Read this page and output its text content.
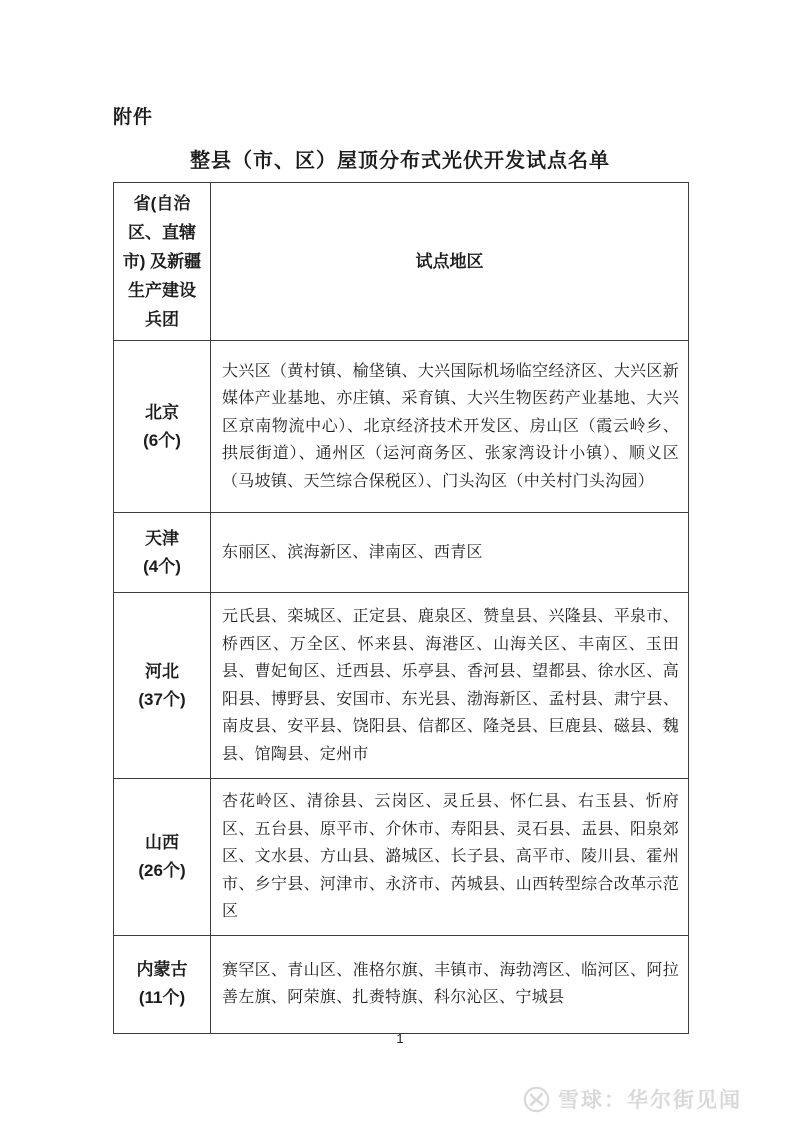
附件
整县（市、区）屋顶分布式光伏开发试点名单
省(自治区、直辖市) 及新疆生产建设兵团	试点地区

北京
(6个)	大兴区（黄村镇、榆垡镇、大兴国际机场临空经济区、大兴区新媒体产业基地、亦庄镇、采育镇、大兴生物医药产业基地、大兴区京南物流中心）、北京经济技术开发区、房山区（霞云岭乡、拱辰街道）、通州区（运河商务区、张家湾设计小镇）、顺义区（马坡镇、天竺综合保税区）、门头沟区（中关村门头沟园）

天津
(4个)	东丽区、滨海新区、津南区、西青区

河北
(37个)	元氏县、栾城区、正定县、鹿泉区、赞皇县、兴隆县、平泉市、桥西区、万全区、怀来县、海港区、山海关区、丰南区、玉田县、曹妃甸区、迁西县、乐亭县、香河县、望都县、徐水区、高阳县、博野县、安国市、东光县、渤海新区、孟村县、肃宁县、南皮县、安平县、饶阳县、信都区、隆尧县、巨鹿县、磁县、魏县、馆陶县、定州市

山西
(26个)	杏花岭区、清徐县、云岗区、灵丘县、怀仁县、右玉县、忻府区、五台县、原平市、介休市、寿阳县、灵石县、盂县、阳泉郊区、文水县、方山县、潞城区、长子县、高平市、陵川县、霍州市、乡宁县、河津市、永济市、芮城县、山西转型综合改革示范区

内蒙古
(11个)	赛罕区、青山区、准格尔旗、丰镇市、海勃湾区、临河区、阿拉善左旗、阿荣旗、扎赉特旗、科尔沁区、宁城县
1
雪球：华尔街见闻
